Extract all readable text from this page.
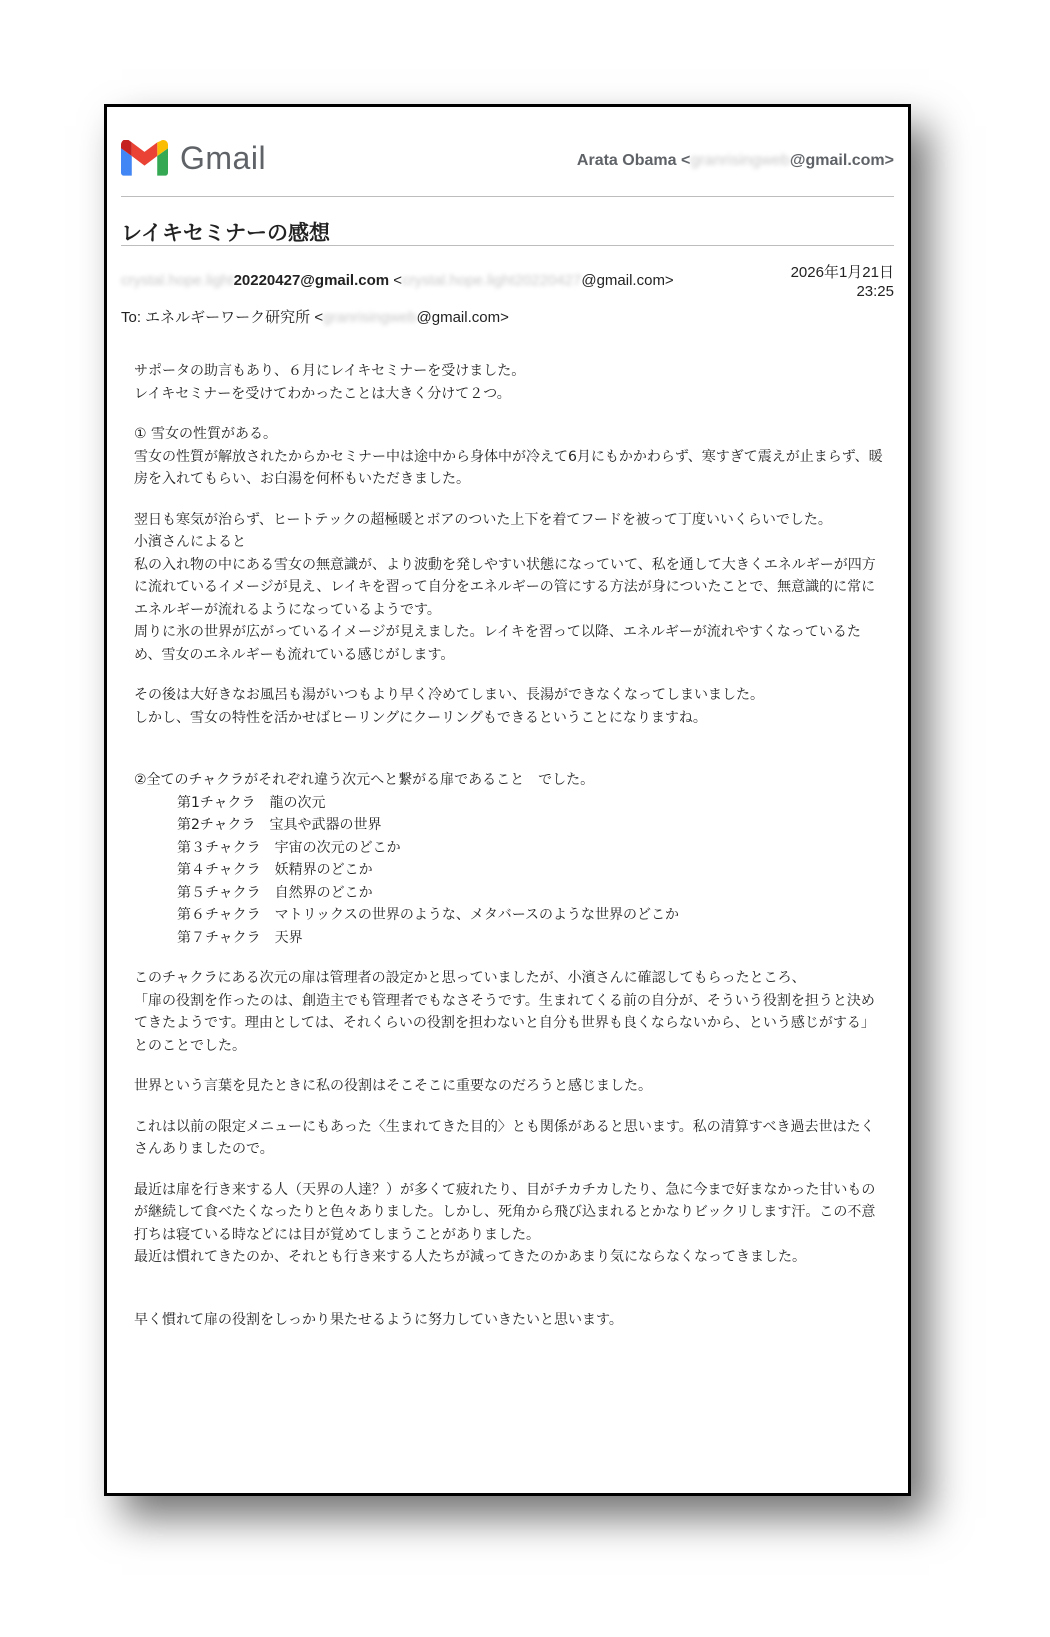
Gmail	Arata Obama <granrisingweb@gmail.com>
レイキセミナーの感想
crystal.hope.light20220427@gmail.com <crystal.hope.light20220427@gmail.com>	2026年1月21日
23:25
To: エネルギーワーク研究所 <granrisingweb@gmail.com>

サポータの助言もあり、６月にレイキセミナーを受けました。
レイキセミナーを受けてわかったことは大きく分けて２つ。

① 雪女の性質がある。
雪女の性質が解放されたからかセミナー中は途中から身体中が冷えて6月にもかかわらず、寒すぎて震えが止まらず、暖房を入れてもらい、お白湯を何杯もいただきました。

翌日も寒気が治らず、ヒートテックの超極暖とボアのついた上下を着てフードを被って丁度いいくらいでした。
小濱さんによると
私の入れ物の中にある雪女の無意識が、より波動を発しやすい状態になっていて、私を通して大きくエネルギーが四方に流れているイメージが見え、レイキを習って自分をエネルギーの管にする方法が身についたことで、無意識的に常にエネルギーが流れるようになっているようです。
周りに氷の世界が広がっているイメージが見えました。レイキを習って以降、エネルギーが流れやすくなっているため、雪女のエネルギーも流れている感じがします。

その後は大好きなお風呂も湯がいつもより早く冷めてしまい、長湯ができなくなってしまいました。
しかし、雪女の特性を活かせばヒーリングにクーリングもできるということになりますね。

②全てのチャクラがそれぞれ違う次元へと繋がる扉であること　でした。

第1チャクラ　龍の次元

第2チャクラ　宝具や武器の世界

第３チャクラ　宇宙の次元のどこか

第４チャクラ　妖精界のどこか

第５チャクラ　自然界のどこか

第６チャクラ　マトリックスの世界のような、メタバースのような世界のどこか

第７チャクラ　天界

このチャクラにある次元の扉は管理者の設定かと思っていましたが、小濱さんに確認してもらったところ、
「扉の役割を作ったのは、創造主でも管理者でもなさそうです。生まれてくる前の自分が、そういう役割を担うと決めてきたようです。理由としては、それくらいの役割を担わないと自分も世界も良くならないから、という感じがする」とのことでした。

世界という言葉を見たときに私の役割はそこそこに重要なのだろうと感じました。

これは以前の限定メニューにもあった〈生まれてきた目的〉とも関係があると思います。私の清算すべき過去世はたくさんありましたので。

最近は扉を行き来する人（天界の人達？）が多くて疲れたり、目がチカチカしたり、急に今まで好まなかった甘いものが継続して食べたくなったりと色々ありました。しかし、死角から飛び込まれるとかなりビックリします汗。この不意打ちは寝ている時などには目が覚めてしまうことがありました。
最近は慣れてきたのか、それとも行き来する人たちが減ってきたのかあまり気にならなくなってきました。

早く慣れて扉の役割をしっかり果たせるように努力していきたいと思います。
